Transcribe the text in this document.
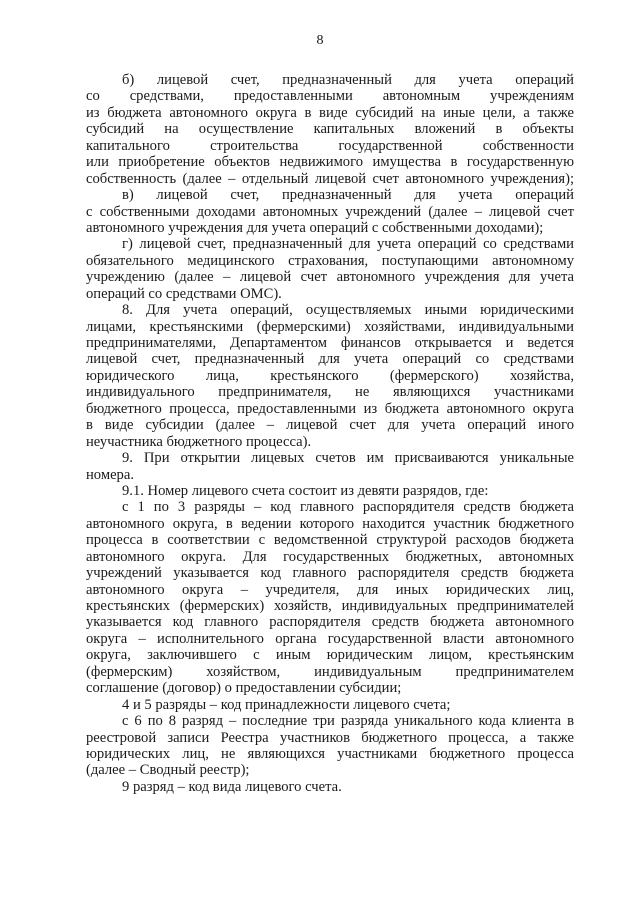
8
б) лицевой счет, предназначенный для учета операций
со средствами, предоставленными автономным учреждениям
из бюджета автономного округа в виде субсидий на иные цели, а также
субсидий на осуществление капитальных вложений в объекты
капитального строительства государственной собственности
или приобретение объектов недвижимого имущества в государственную
собственность (далее – отдельный лицевой счет автономного учреждения);
в) лицевой счет, предназначенный для учета операций
с собственными доходами автономных учреждений (далее – лицевой счет
автономного учреждения для учета операций с собственными доходами);
г) лицевой счет, предназначенный для учета операций со средствами
обязательного медицинского страхования, поступающими автономному
учреждению (далее – лицевой счет автономного учреждения для учета
операций со средствами ОМС).
8. Для учета операций, осуществляемых иными юридическими
лицами, крестьянскими (фермерскими) хозяйствами, индивидуальными
предпринимателями, Департаментом финансов открывается и ведется
лицевой счет, предназначенный для учета операций со средствами
юридического лица, крестьянского (фермерского) хозяйства,
индивидуального предпринимателя, не являющихся участниками
бюджетного процесса, предоставленными из бюджета автономного округа
в виде субсидии (далее – лицевой счет для учета операций иного
неучастника бюджетного процесса).
9. При открытии лицевых счетов им присваиваются уникальные
номера.
9.1. Номер лицевого счета состоит из девяти разрядов, где:
с 1 по 3 разряды – код главного распорядителя средств бюджета
автономного округа, в ведении которого находится участник бюджетного
процесса в соответствии с ведомственной структурой расходов бюджета
автономного округа. Для государственных бюджетных, автономных
учреждений указывается код главного распорядителя средств бюджета
автономного округа – учредителя, для иных юридических лиц,
крестьянских (фермерских) хозяйств, индивидуальных предпринимателей
указывается код главного распорядителя средств бюджета автономного
округа – исполнительного органа государственной власти автономного
округа, заключившего с иным юридическим лицом, крестьянским
(фермерским) хозяйством, индивидуальным предпринимателем
соглашение (договор) о предоставлении субсидии;
4 и 5 разряды – код принадлежности лицевого счета;
с 6 по 8 разряд – последние три разряда уникального кода клиента в
реестровой записи Реестра участников бюджетного процесса, а также
юридических лиц, не являющихся участниками бюджетного процесса
(далее – Сводный реестр);
9 разряд – код вида лицевого счета.
